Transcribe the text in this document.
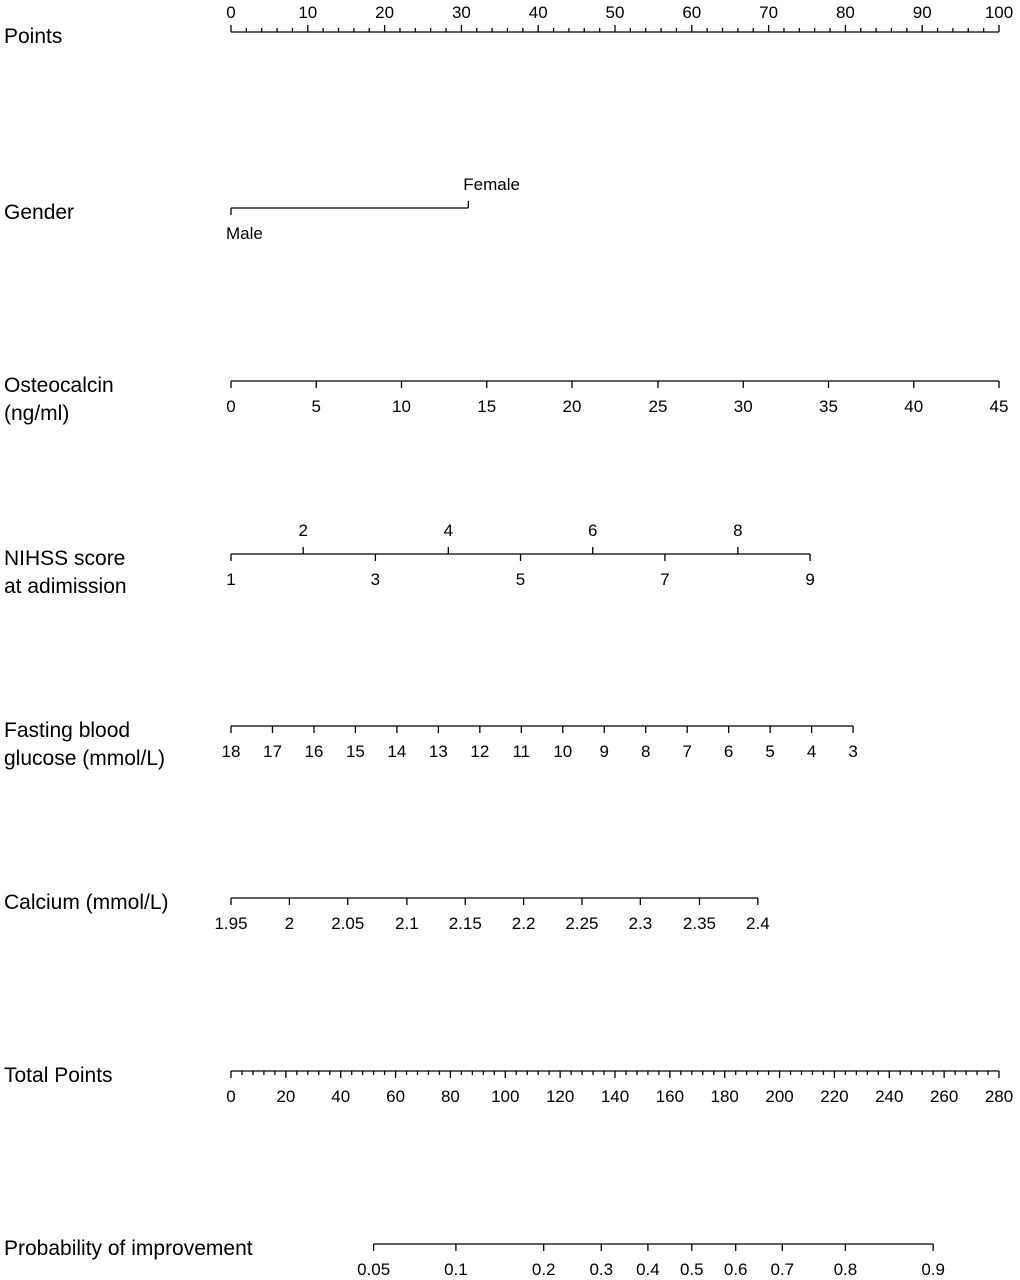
Points
0	10	20	30	40	50	60	70	80	90	100
Gender
Male
Female
Osteocalcin
(ng/ml)	0	5	10	15	20	25	30	35	40	45
NIHSS score
at adimission	1
2
3
4
5
6
7
8
9
Fasting blood
glucose (mmol/L)	18 17 16 15 14 13 12 11 10 9 8 7 6 5 4 3
Calcium (mmol/L)
1.95 2 2.05 2.1 2.15 2.2 2.25 2.3 2.35 2.4
Total Points
0 20 40 60 80 100 120 140 160 180 200 220 240 260 280
Probability of improvement
0.05	0.1	0.2 0.3 0.4 0.5 0.6 0.7 0.8	0.9
